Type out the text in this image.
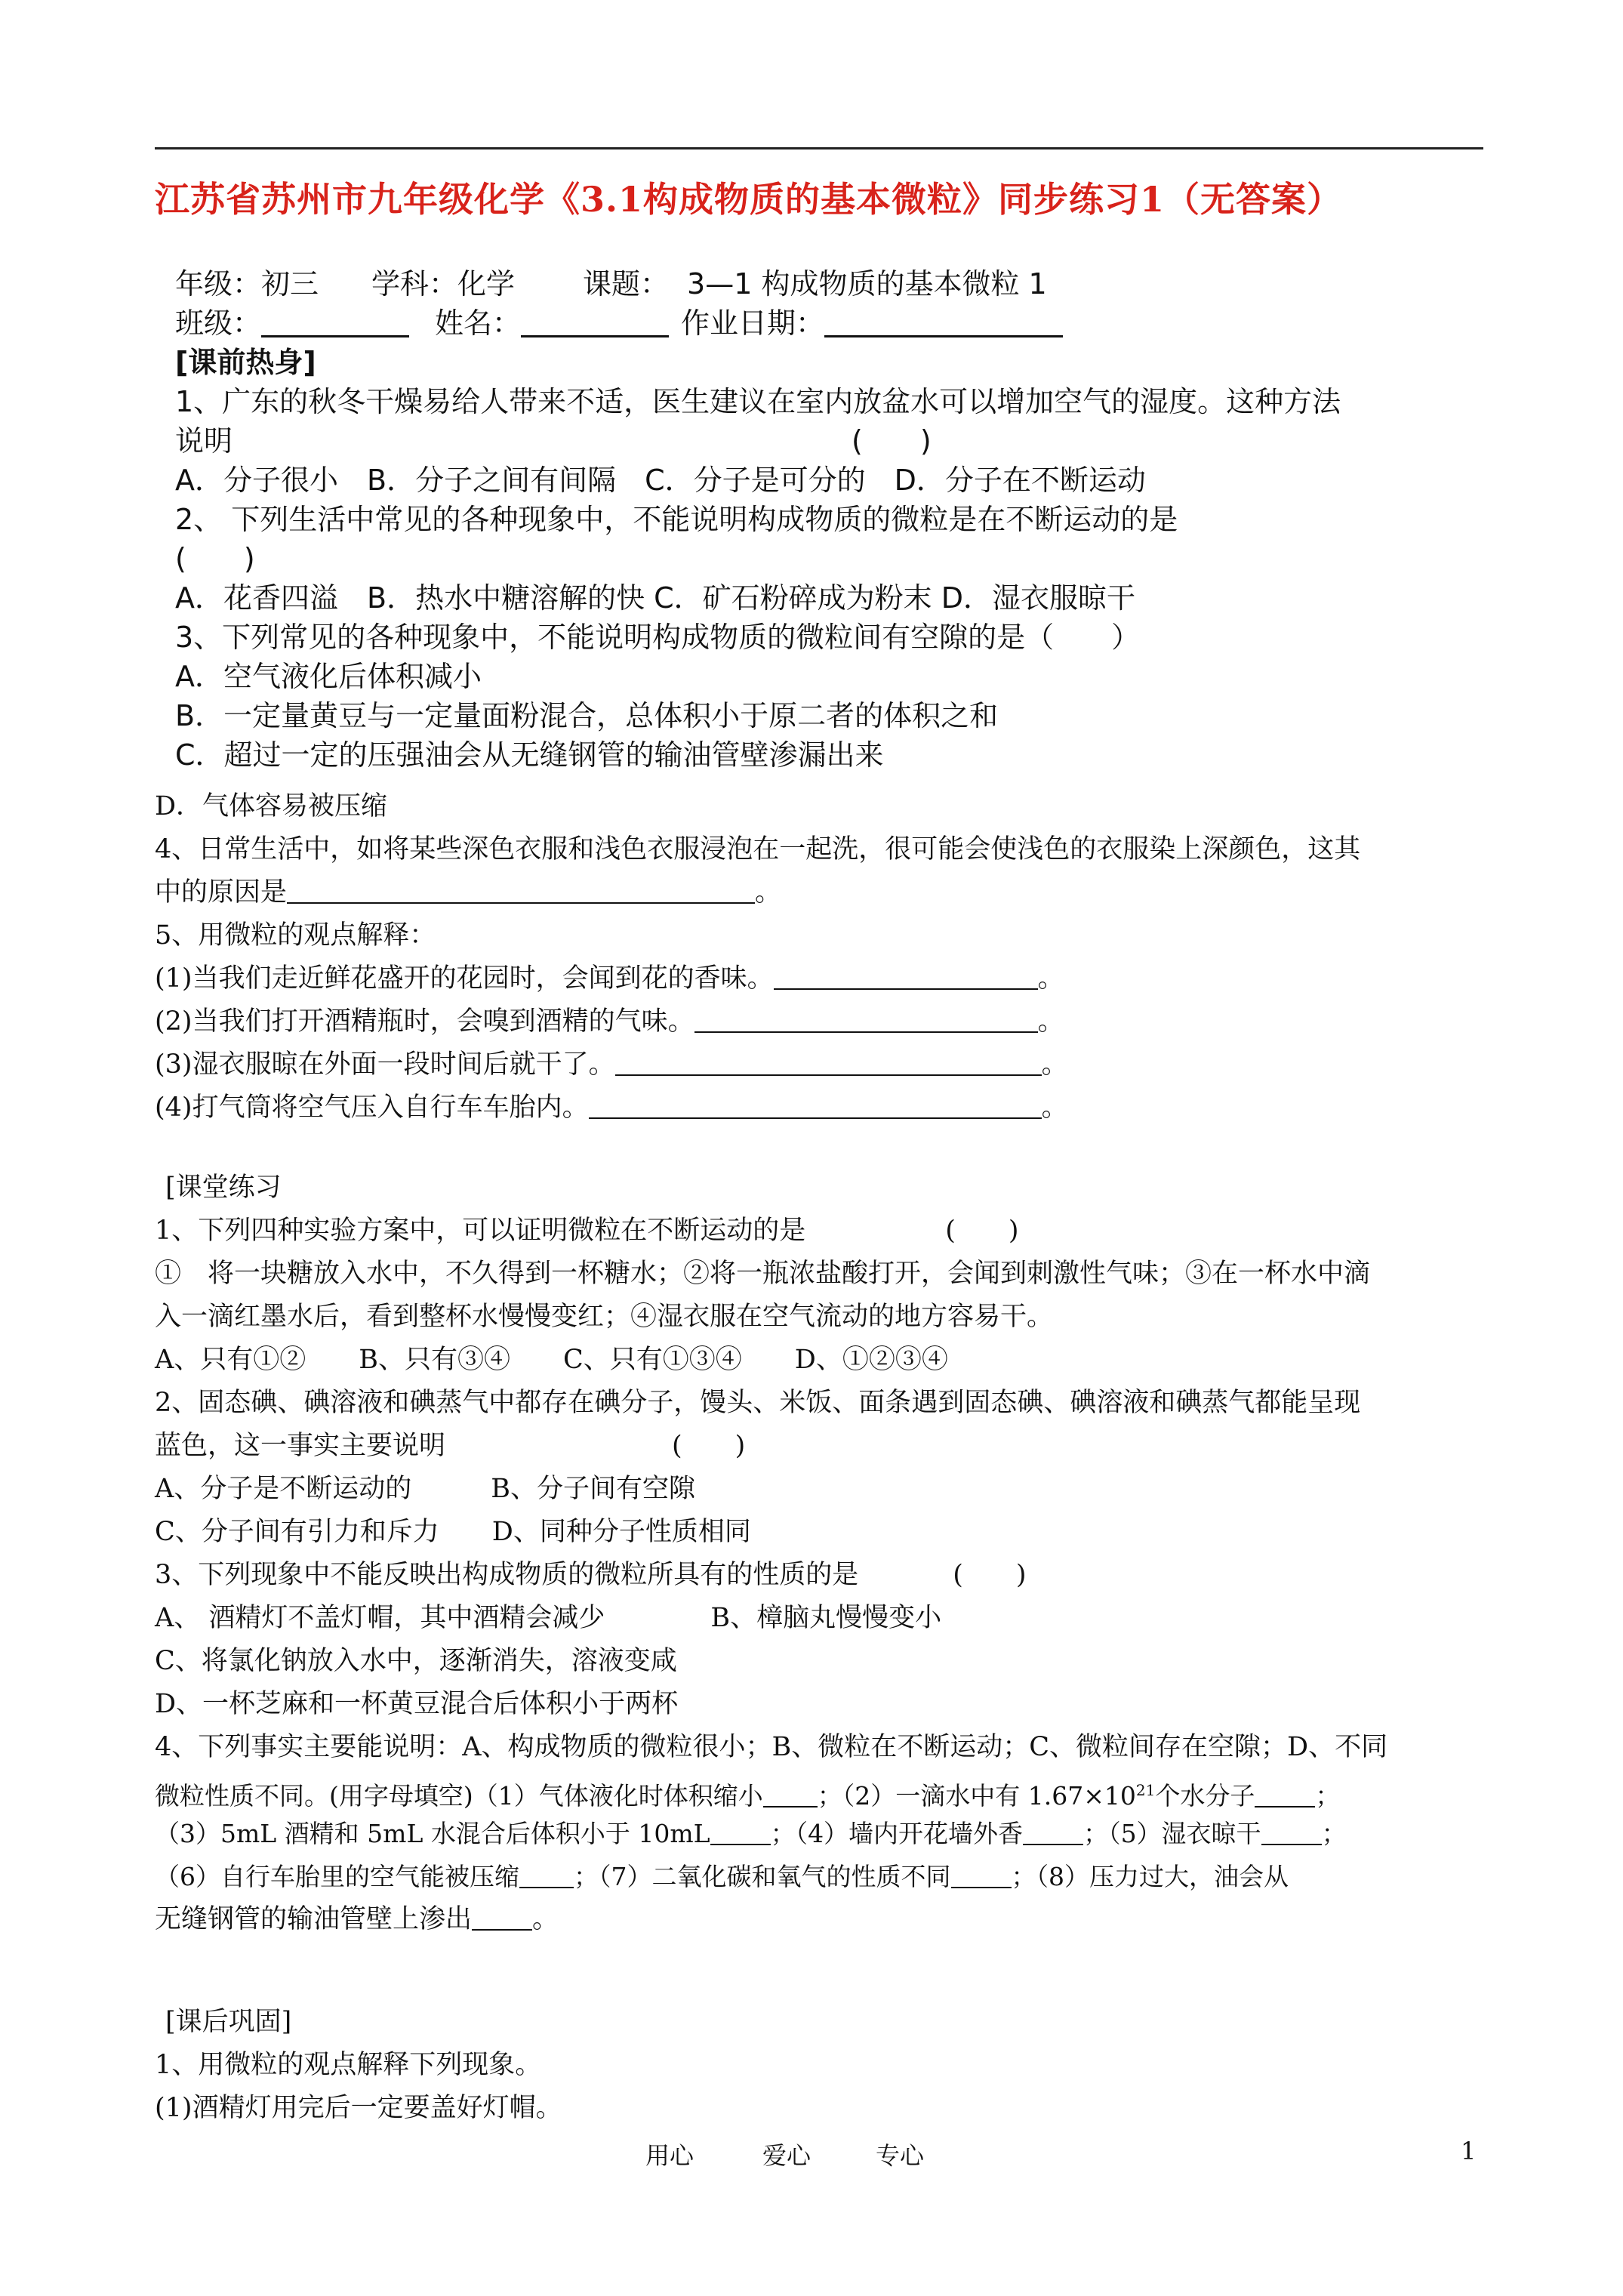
江苏省苏州市九年级化学《3.1构成物质的基本微粒》同步练习1（无答案）
年级：初三 学科：化学 课题： 3—1 构成物质的基本微粒 1
班级：	姓名：	作业日期：
[课前热身]
1、广东的秋冬干燥易给人带来不适，医生建议在室内放盆水可以增加空气的湿度。这种方法
说明	(　　)
A．分子很小　B．分子之间有间隔　C．分子是可分的　D．分子在不断运动
2、 下列生活中常见的各种现象中，不能说明构成物质的微粒是在不断运动的是
(　　)
A．花香四溢　B．热水中糖溶解的快 C．矿石粉碎成为粉末 D．湿衣服晾干
3、下列常见的各种现象中，不能说明构成物质的微粒间有空隙的是（　　）
A．空气液化后体积减小
B．一定量黄豆与一定量面粉混合，总体积小于原二者的体积之和
C．超过一定的压强油会从无缝钢管的输油管壁渗漏出来
D．气体容易被压缩
4、日常生活中，如将某些深色衣服和浅色衣服浸泡在一起洗，很可能会使浅色的衣服染上深颜色，这其
中的原因是	。
5、用微粒的观点解释：
(1)当我们走近鲜花盛开的花园时，会闻到花的香味。	。
(2)当我们打开酒精瓶时，会嗅到酒精的气味。	。
(3)湿衣服晾在外面一段时间后就干了。	。
(4)打气筒将空气压入自行车车胎内。	。
[课堂练习
1、下列四种实验方案中，可以证明微粒在不断运动的是	(　　)
①　将一块糖放入水中，不久得到一杯糖水；②将一瓶浓盐酸打开，会闻到刺激性气味；③在一杯水中滴
入一滴红墨水后，看到整杯水慢慢变红；④湿衣服在空气流动的地方容易干。
A、只有①②　　B、只有③④　　C、只有①③④　　D、①②③④
2、固态碘、碘溶液和碘蒸气中都存在碘分子，馒头、米饭、面条遇到固态碘、碘溶液和碘蒸气都能呈现
蓝色，这一事实主要说明	(　　)
A、分子是不断运动的　　　B、分子间有空隙
C、分子间有引力和斥力　　D、同种分子性质相同
3、下列现象中不能反映出构成物质的微粒所具有的性质的是	(　　)
A、 酒精灯不盖灯帽，其中酒精会减少　　　　B、樟脑丸慢慢变小
C、将氯化钠放入水中，逐渐消失，溶液变咸
D、一杯芝麻和一杯黄豆混合后体积小于两杯
4、下列事实主要能说明：A、构成物质的微粒很小；B、微粒在不断运动；C、微粒间存在空隙；D、不同
微粒性质不同。(用字母填空)（1）气体液化时体积缩小 ；（2）一滴水中有 $1.67\times 10^{21}$个水分子 ；
（3）5mL 酒精和 5mL 水混合后体积小于 10mL ；（4）墙内开花墙外香 ；（5）湿衣晾干 ；
（6）自行车胎里的空气能被压缩 ；（7）二氧化碳和氧气的性质不同 ；（8）压力过大，油会从
无缝钢管的输油管壁上渗出 。
[课后巩固]
1、用微粒的观点解释下列现象。
(1)酒精灯用完后一定要盖好灯帽。
用心	爱心	专心	1
